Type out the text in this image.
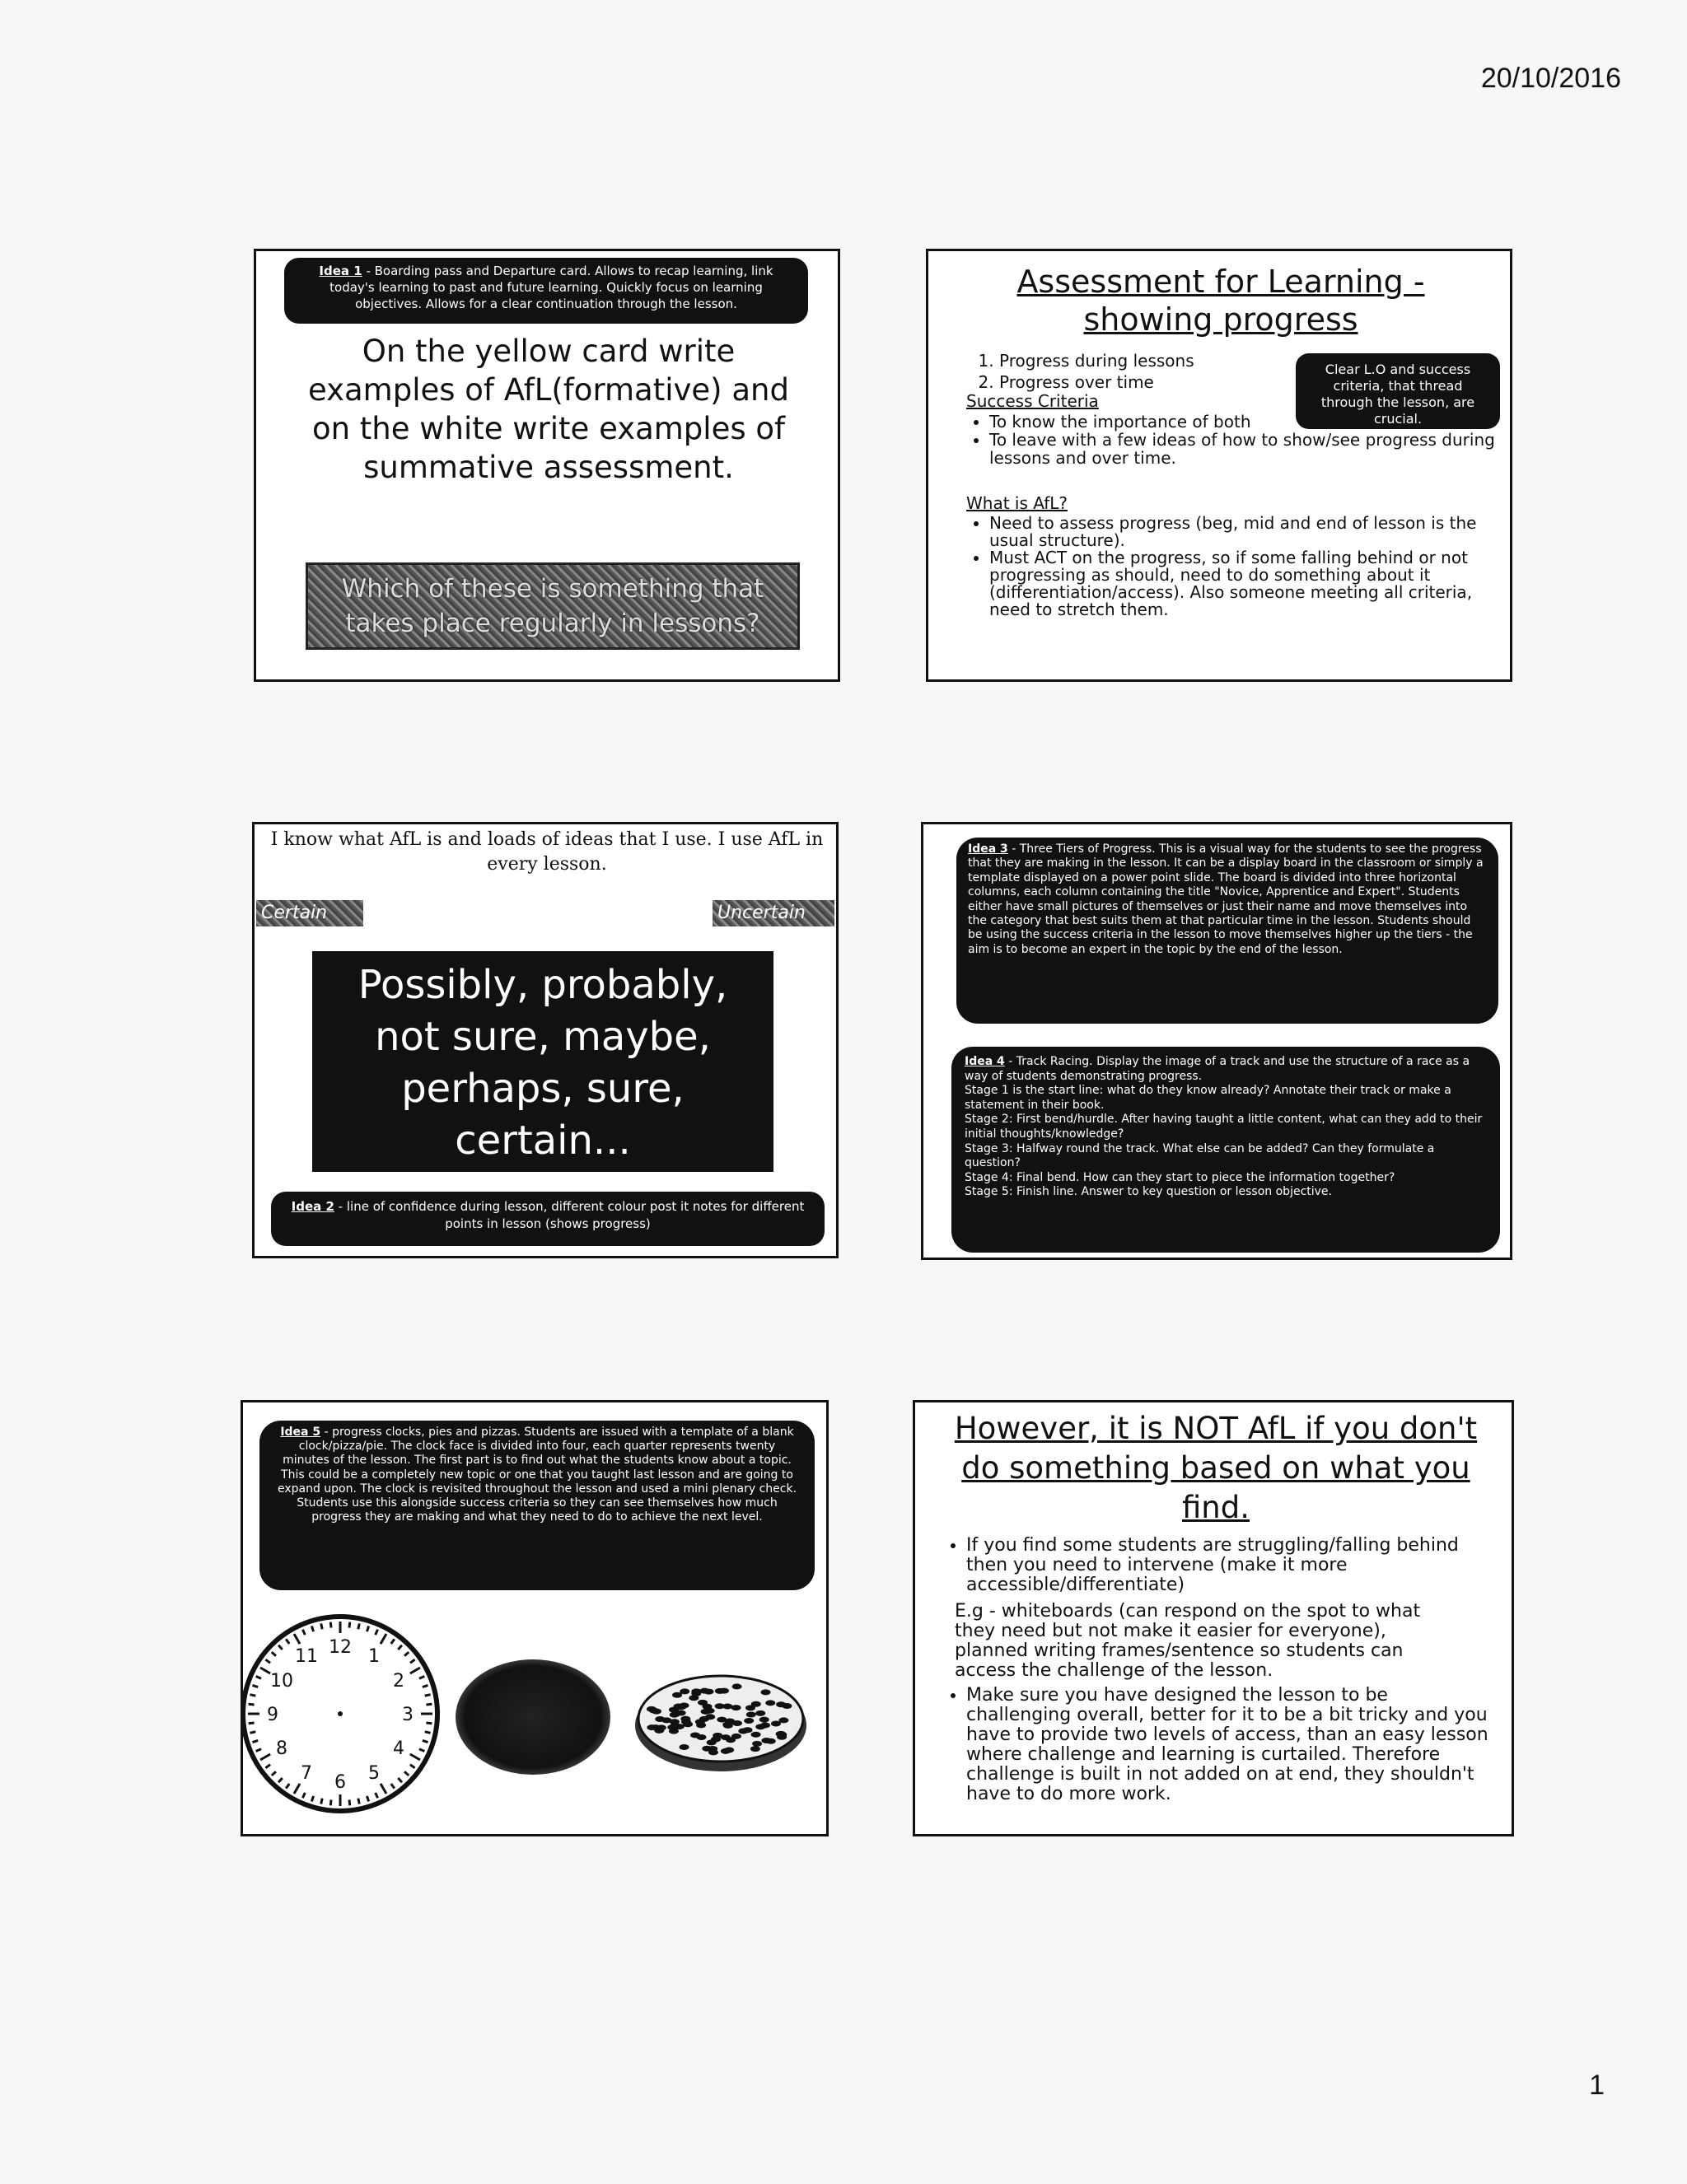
20/10/2016
1
Idea 1 - Boarding pass and Departure card. Allows to recap learning, link today's learning to past and future learning. Quickly focus on learning objectives. Allows for a clear continuation through the lesson.
On the yellow card write examples of AfL(formative) and on the white write examples of summative assessment.
Which of these is something that takes place regularly in lessons?
Assessment for Learning - showing progress
1. Progress during lessons
2. Progress over time
Clear L.O and success criteria, that thread through the lesson, are crucial.
Success Criteria
• To know the importance of both
• To leave with a few ideas of how to show/see progress during lessons and over time.
What is AfL?
• Need to assess progress (beg, mid and end of lesson is the usual structure).
• Must ACT on the progress, so if some falling behind or not progressing as should, need to do something about it (differentiation/access). Also someone meeting all criteria, need to stretch them.
I know what AfL is and loads of ideas that I use. I use AfL in every lesson.
Certain	Uncertain
Possibly, probably, not sure, maybe, perhaps, sure, certain...
Idea 2 - line of confidence during lesson, different colour post it notes for different points in lesson (shows progress)
Idea 3 - Three Tiers of Progress. This is a visual way for the students to see the progress that they are making in the lesson. It can be a display board in the classroom or simply a template displayed on a power point slide. The board is divided into three horizontal columns, each column containing the title "Novice, Apprentice and Expert". Students either have small pictures of themselves or just their name and move themselves into the category that best suits them at that particular time in the lesson. Students should be using the success criteria in the lesson to move themselves higher up the tiers - the aim is to become an expert in the topic by the end of the lesson.
Idea 4 - Track Racing. Display the image of a track and use the structure of a race as a way of students demonstrating progress.
Stage 1 is the start line: what do they know already? Annotate their track or make a statement in their book.
Stage 2: First bend/hurdle. After having taught a little content, what can they add to their initial thoughts/knowledge?
Stage 3: Halfway round the track. What else can be added? Can they formulate a question?
Stage 4: Final bend. How can they start to piece the information together?
Stage 5: Finish line. Answer to key question or lesson objective.
Idea 5 - progress clocks, pies and pizzas. Students are issued with a template of a blank clock/pizza/pie. The clock face is divided into four, each quarter represents twenty minutes of the lesson. The first part is to find out what the students know about a topic. This could be a completely new topic or one that you taught last lesson and are going to expand upon. The clock is revisited throughout the lesson and used a mini plenary check. Students use this alongside success criteria so they can see themselves how much progress they are making and what they need to do to achieve the next level.
12 1
2
3
4
5
6
7
8
9
10
11
However, it is NOT AfL if you don't do something based on what you find.
• If you find some students are struggling/falling behind then you need to intervene (make it more accessible/differentiate)
E.g - whiteboards (can respond on the spot to what they need but not make it easier for everyone), planned writing frames/sentence so students can access the challenge of the lesson.
• Make sure you have designed the lesson to be challenging overall, better for it to be a bit tricky and you have to provide two levels of access, than an easy lesson where challenge and learning is curtailed. Therefore challenge is built in not added on at end, they shouldn't have to do more work.
